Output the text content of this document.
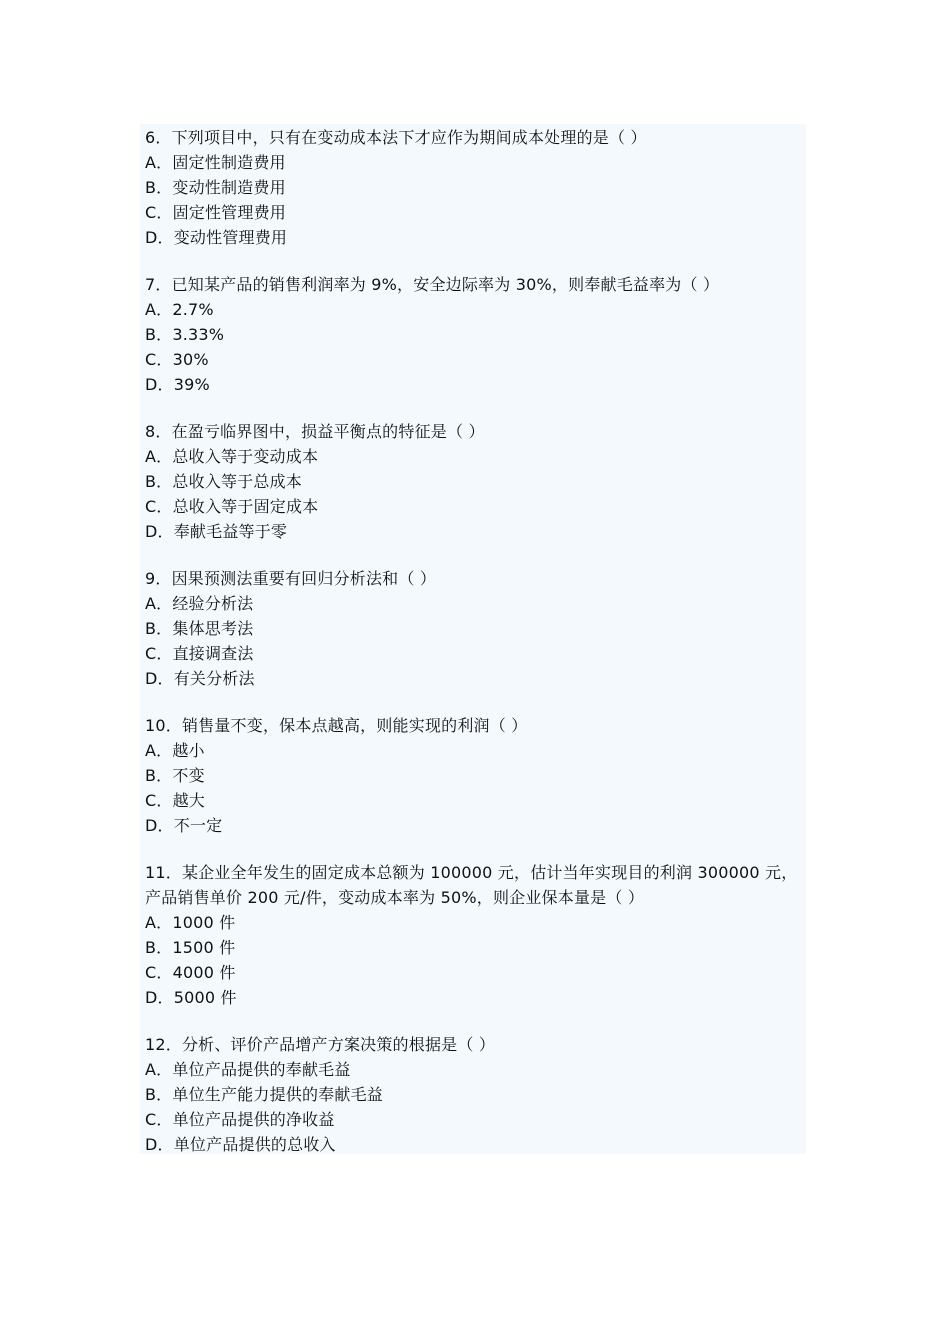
6．下列项目中，只有在变动成本法下才应作为期间成本处理的是（ ）

A．固定性制造费用

B．变动性制造费用

C．固定性管理费用

D．变动性管理费用

7．已知某产品的销售利润率为 9%，安全边际率为 30%，则奉献毛益率为（ ）

A．2.7%

B．3.33%

C．30%

D．39%

8．在盈亏临界图中，损益平衡点的特征是（ ）

A．总收入等于变动成本

B．总收入等于总成本

C．总收入等于固定成本

D．奉献毛益等于零

9．因果预测法重要有回归分析法和（ ）

A．经验分析法

B．集体思考法

C．直接调查法

D．有关分析法

10．销售量不变，保本点越高，则能实现的利润（ ）

A．越小

B．不变

C．越大

D．不一定

11．某企业全年发生的固定成本总额为 100000 元，估计当年实现目的利润 300000 元，

产品销售单价 200 元/件，变动成本率为 50%，则企业保本量是（ ）

A．1000 件

B．1500 件

C．4000 件

D．5000 件

12．分析、评价产品增产方案决策的根据是（ ）

A．单位产品提供的奉献毛益

B．单位生产能力提供的奉献毛益

C．单位产品提供的净收益

D．单位产品提供的总收入
